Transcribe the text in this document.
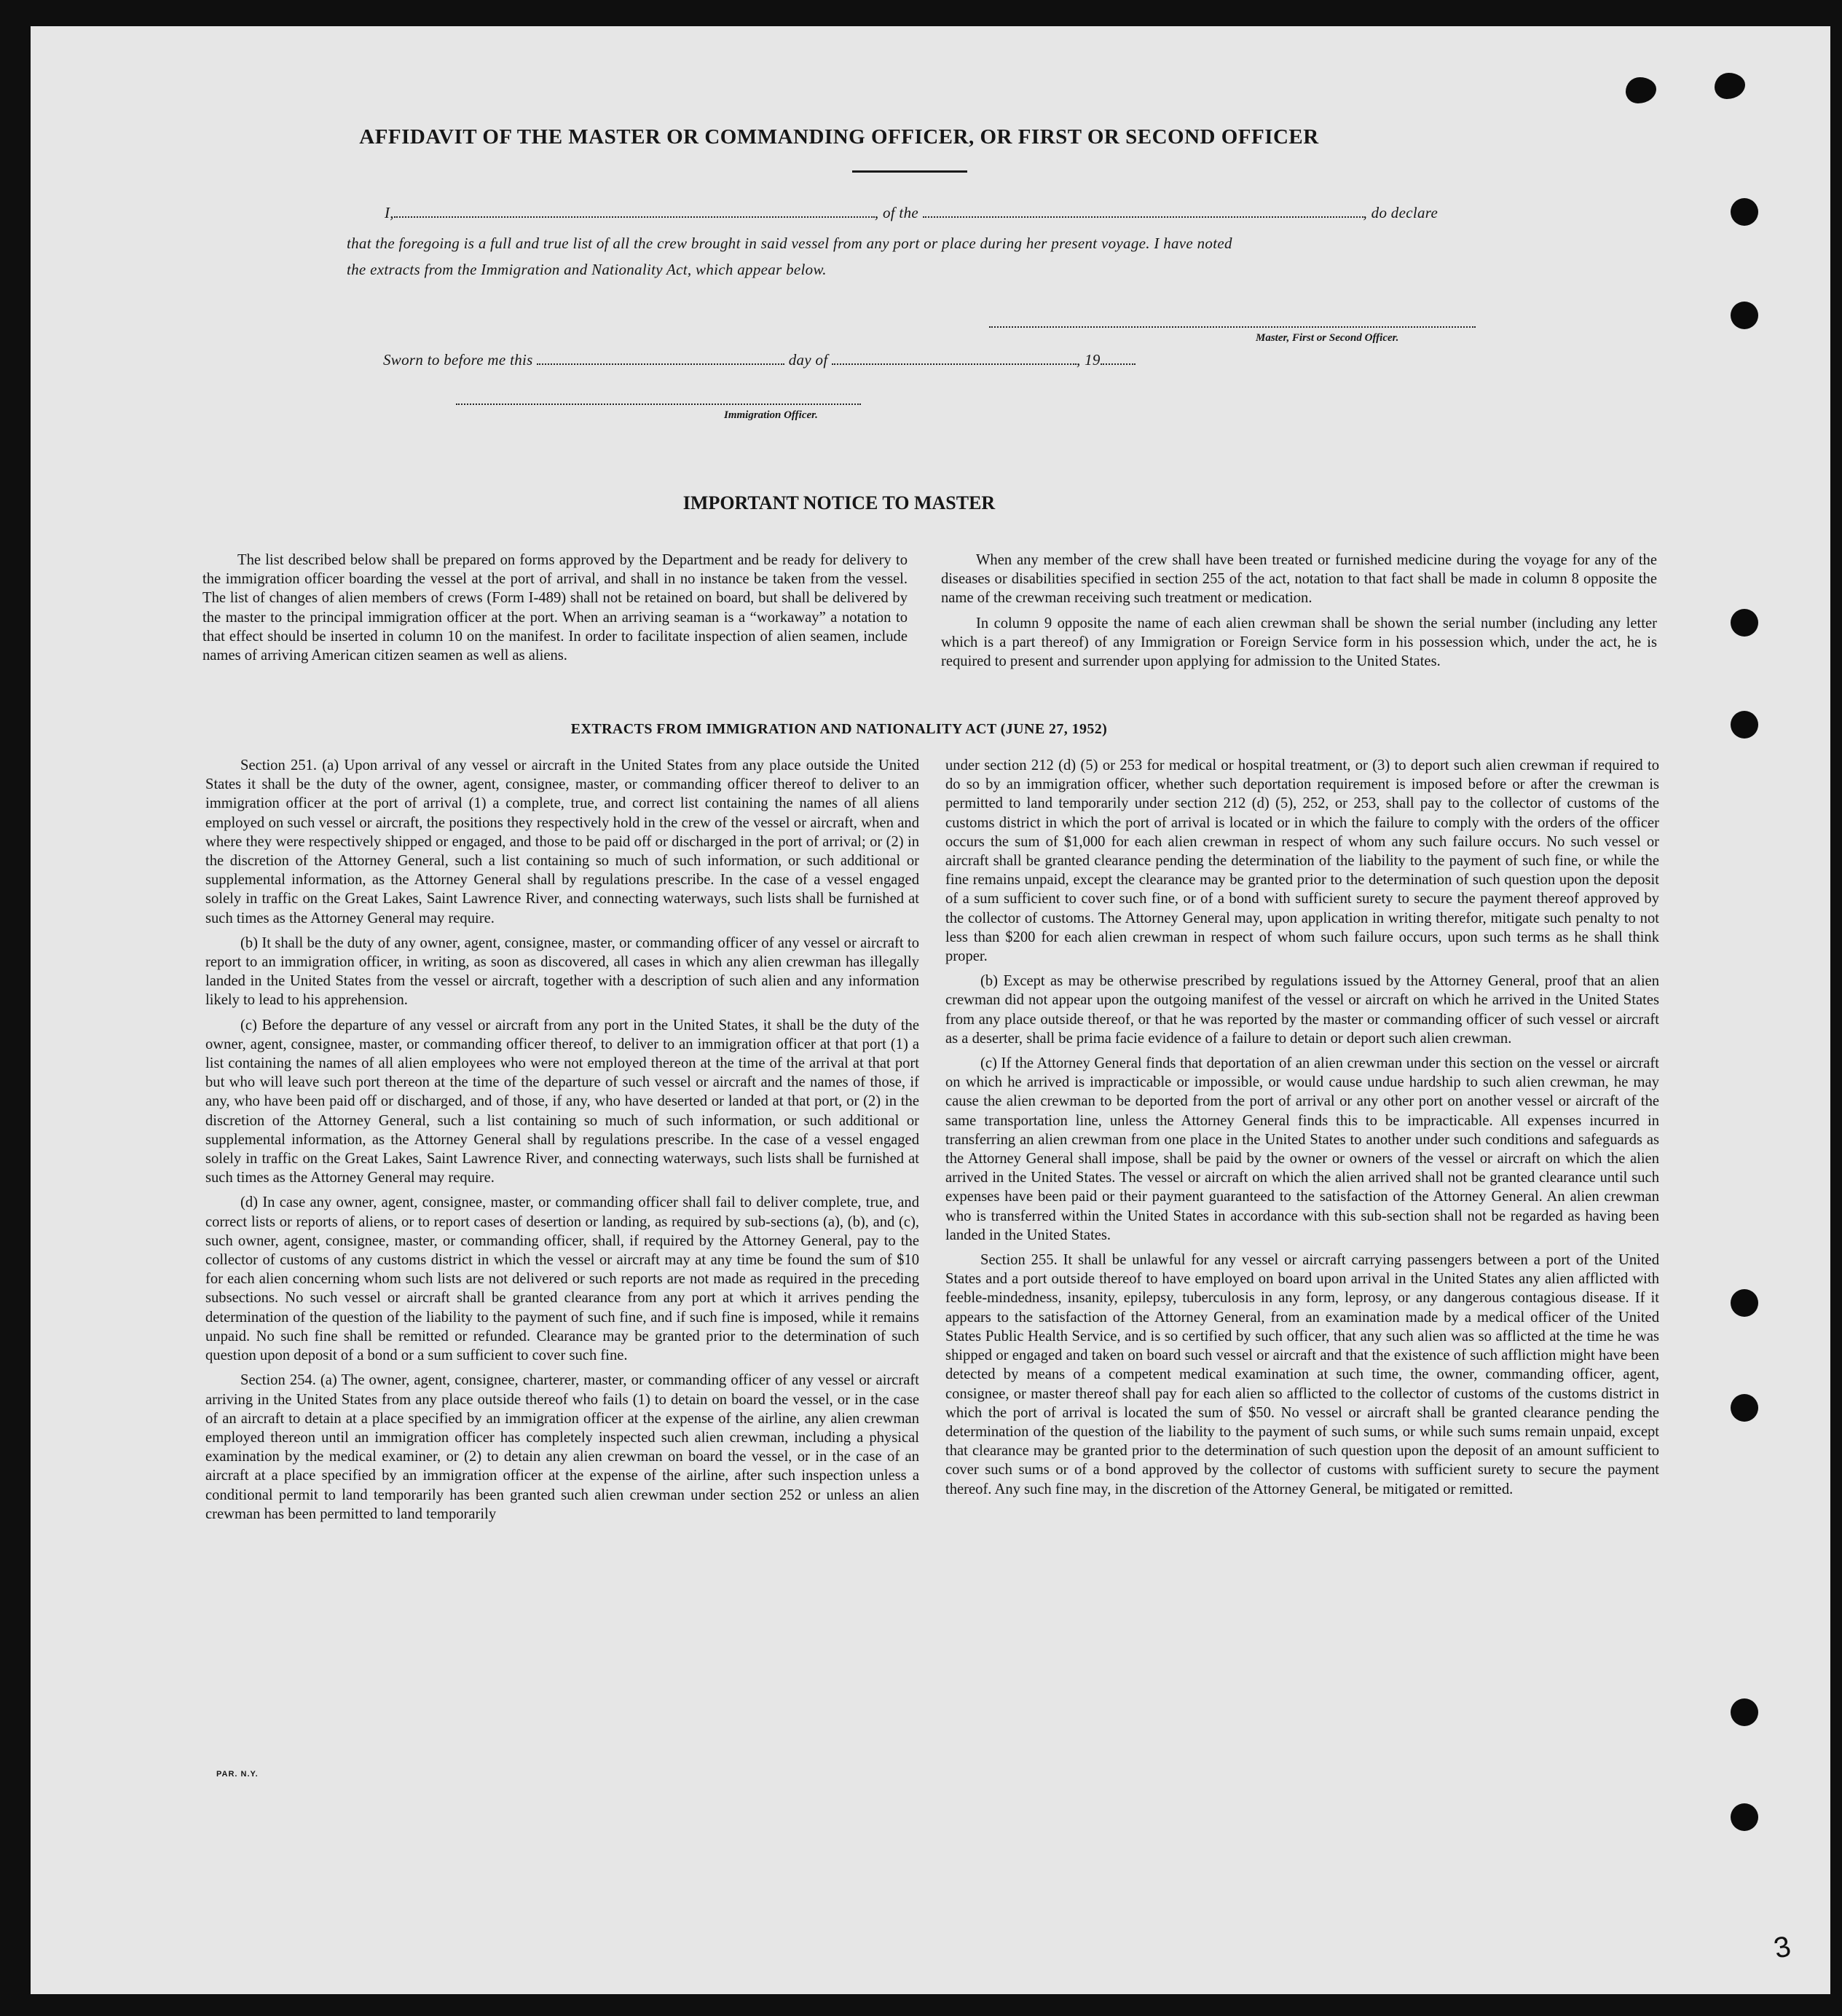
AFFIDAVIT OF THE MASTER OR COMMANDING OFFICER, OR FIRST OR SECOND OFFICER
I,	, of the	, do declare
that the foregoing is a full and true list of all the crew brought in said vessel from any port or place during her present voyage. I have noted
the extracts from the Immigration and Nationality Act, which appear below.
Master, First or Second Officer.
Sworn to before me this	day of	, 19
Immigration Officer.
IMPORTANT NOTICE TO MASTER

The list described below shall be prepared on forms approved by the Department and be ready for delivery to the immigration officer boarding the vessel at the port of arrival, and shall in no instance be taken from the vessel. The list of changes of alien members of crews (Form I-489) shall not be retained on board, but shall be delivered by the master to the principal immigration officer at the port. When an arriving seaman is a “workaway” a notation to that effect should be inserted in column 10 on the manifest. In order to facilitate inspection of alien seamen, include names of arriving American citizen seamen as well as aliens.

When any member of the crew shall have been treated or furnished medicine during the voyage for any of the diseases or disabilities specified in section 255 of the act, notation to that fact shall be made in column 8 opposite the name of the crewman receiving such treatment or medication.

In column 9 opposite the name of each alien crewman shall be shown the serial number (including any letter which is a part thereof) of any Immigration or Foreign Service form in his possession which, under the act, he is required to present and surrender upon applying for admission to the United States.

EXTRACTS FROM IMMIGRATION AND NATIONALITY ACT (JUNE 27, 1952)

Section 251. (a) Upon arrival of any vessel or aircraft in the United States from any place outside the United States it shall be the duty of the owner, agent, consignee, master, or commanding officer thereof to deliver to an immigration officer at the port of arrival (1) a complete, true, and correct list containing the names of all aliens employed on such vessel or aircraft, the positions they respectively hold in the crew of the vessel or aircraft, when and where they were respectively shipped or engaged, and those to be paid off or discharged in the port of arrival; or (2) in the discretion of the Attorney General, such a list containing so much of such information, or such additional or supplemental information, as the Attorney General shall by regulations prescribe. In the case of a vessel engaged solely in traffic on the Great Lakes, Saint Lawrence River, and connecting waterways, such lists shall be furnished at such times as the Attorney General may require.

(b) It shall be the duty of any owner, agent, consignee, master, or commanding officer of any vessel or aircraft to report to an immigration officer, in writing, as soon as discovered, all cases in which any alien crewman has illegally landed in the United States from the vessel or aircraft, together with a description of such alien and any information likely to lead to his apprehension.

(c) Before the departure of any vessel or aircraft from any port in the United States, it shall be the duty of the owner, agent, consignee, master, or commanding officer thereof, to deliver to an immigration officer at that port (1) a list containing the names of all alien employees who were not employed thereon at the time of the arrival at that port but who will leave such port thereon at the time of the departure of such vessel or aircraft and the names of those, if any, who have been paid off or discharged, and of those, if any, who have deserted or landed at that port, or (2) in the discretion of the Attorney General, such a list containing so much of such information, or such additional or supplemental information, as the Attorney General shall by regulations prescribe. In the case of a vessel engaged solely in traffic on the Great Lakes, Saint Lawrence River, and connecting waterways, such lists shall be furnished at such times as the Attorney General may require.

(d) In case any owner, agent, consignee, master, or commanding officer shall fail to deliver complete, true, and correct lists or reports of aliens, or to report cases of desertion or landing, as required by sub-sections (a), (b), and (c), such owner, agent, consignee, master, or commanding officer, shall, if required by the Attorney General, pay to the collector of customs of any customs district in which the vessel or aircraft may at any time be found the sum of $10 for each alien concerning whom such lists are not delivered or such reports are not made as required in the preceding subsections. No such vessel or aircraft shall be granted clearance from any port at which it arrives pending the determination of the question of the liability to the payment of such fine, and if such fine is imposed, while it remains unpaid. No such fine shall be remitted or refunded. Clearance may be granted prior to the determination of such question upon deposit of a bond or a sum sufficient to cover such fine.

Section 254. (a) The owner, agent, consignee, charterer, master, or commanding officer of any vessel or aircraft arriving in the United States from any place outside thereof who fails (1) to detain on board the vessel, or in the case of an aircraft to detain at a place specified by an immigration officer at the expense of the airline, any alien crewman employed thereon until an immigration officer has completely inspected such alien crewman, including a physical examination by the medical examiner, or (2) to detain any alien crewman on board the vessel, or in the case of an aircraft at a place specified by an immigration officer at the expense of the airline, after such inspection unless a conditional permit to land temporarily has been granted such alien crewman under section 252 or unless an alien crewman has been permitted to land temporarily

under section 212 (d) (5) or 253 for medical or hospital treatment, or (3) to deport such alien crewman if required to do so by an immigration officer, whether such deportation requirement is imposed before or after the crewman is permitted to land temporarily under section 212 (d) (5), 252, or 253, shall pay to the collector of customs of the customs district in which the port of arrival is located or in which the failure to comply with the orders of the officer occurs the sum of $1,000 for each alien crewman in respect of whom any such failure occurs. No such vessel or aircraft shall be granted clearance pending the determination of the liability to the payment of such fine, or while the fine remains unpaid, except the clearance may be granted prior to the determination of such question upon the deposit of a sum sufficient to cover such fine, or of a bond with sufficient surety to secure the payment thereof approved by the collector of customs. The Attorney General may, upon application in writing therefor, mitigate such penalty to not less than $200 for each alien crewman in respect of whom such failure occurs, upon such terms as he shall think proper.

(b) Except as may be otherwise prescribed by regulations issued by the Attorney General, proof that an alien crewman did not appear upon the outgoing manifest of the vessel or aircraft on which he arrived in the United States from any place outside thereof, or that he was reported by the master or commanding officer of such vessel or aircraft as a deserter, shall be prima facie evidence of a failure to detain or deport such alien crewman.

(c) If the Attorney General finds that deportation of an alien crewman under this section on the vessel or aircraft on which he arrived is impracticable or impossible, or would cause undue hardship to such alien crewman, he may cause the alien crewman to be deported from the port of arrival or any other port on another vessel or aircraft of the same transportation line, unless the Attorney General finds this to be impracticable. All expenses incurred in transferring an alien crewman from one place in the United States to another under such conditions and safeguards as the Attorney General shall impose, shall be paid by the owner or owners of the vessel or aircraft on which the alien arrived in the United States. The vessel or aircraft on which the alien arrived shall not be granted clearance until such expenses have been paid or their payment guaranteed to the satisfaction of the Attorney General. An alien crewman who is transferred within the United States in accordance with this sub-section shall not be regarded as having been landed in the United States.

Section 255. It shall be unlawful for any vessel or aircraft carrying passengers between a port of the United States and a port outside thereof to have employed on board upon arrival in the United States any alien afflicted with feeble-mindedness, insanity, epilepsy, tuberculosis in any form, leprosy, or any dangerous contagious disease. If it appears to the satisfaction of the Attorney General, from an examination made by a medical officer of the United States Public Health Service, and is so certified by such officer, that any such alien was so afflicted at the time he was shipped or engaged and taken on board such vessel or aircraft and that the existence of such affliction might have been detected by means of a competent medical examination at such time, the owner, commanding officer, agent, consignee, or master thereof shall pay for each alien so afflicted to the collector of customs of the customs district in which the port of arrival is located the sum of $50. No vessel or aircraft shall be granted clearance pending the determination of the question of the liability to the payment of such sums, or while such sums remain unpaid, except that clearance may be granted prior to the determination of such question upon the deposit of an amount sufficient to cover such sums or of a bond approved by the collector of customs with sufficient surety to secure the payment thereof. Any such fine may, in the discretion of the Attorney General, be mitigated or remitted.

PAR. N.Y.
3
